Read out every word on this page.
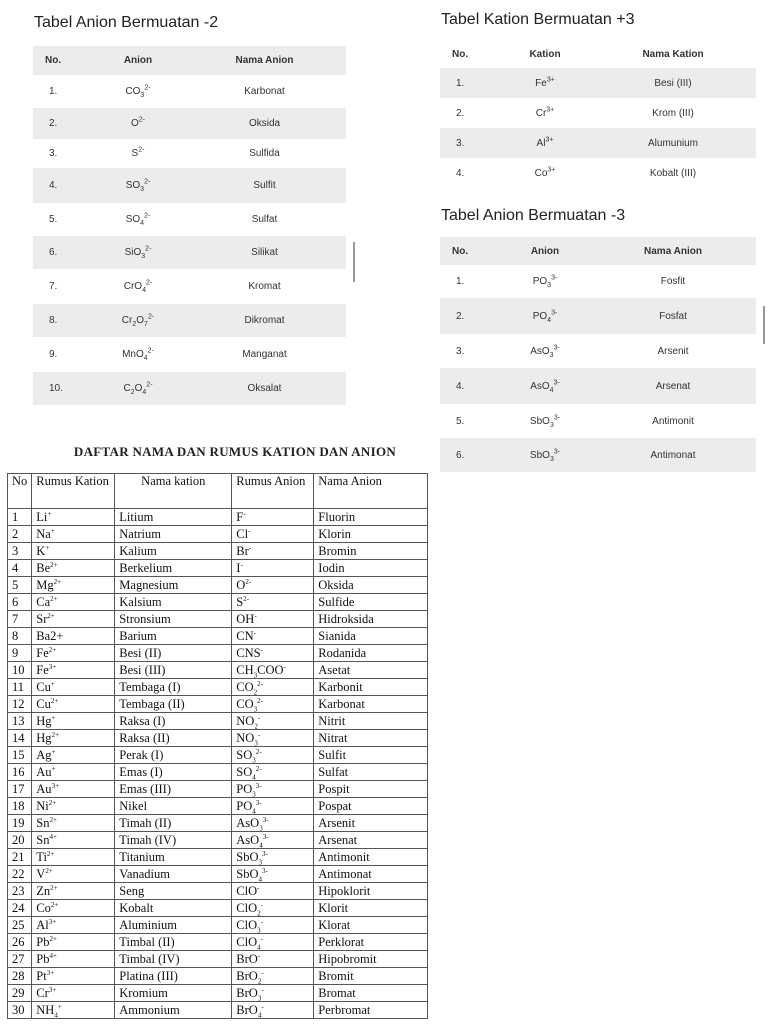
Tabel Anion Bermuatan -2
No.	Anion	Nama Anion
1.	$CO_3^{2-}$	Karbonat
2.	$O^{2-}$	Oksida
3.	$S^{2-}$	Sulfida
4.	$SO_3^{2-}$	Sulfit
5.	$SO_4^{2-}$	Sulfat
6.	SiO$_3^{2-}$	Silikat
7.	CrO$_4^{2-}$	Kromat
8.	$Cr_2O_7^{2-}$	Dikromat
9.	MnO$_4^{2-}$	Manganat
10.	$C_2O_4^{2-}$	Oksalat
Tabel Kation Bermuatan +3
No.	Kation	Nama Kation
1.	$Fe^{3+}$	Besi (III)
2.	$Cr^{3+}$	Krom (III)
3.	$Al^{3+}$	Alumunium
4.	$Co^{3+}$	Kobalt (III)
Tabel Anion Bermuatan -3
No.	Anion	Nama Anion
1.	$PO_3^{3-}$	Fosfit
2.	$PO_4^{3-}$	Fosfat
3.	AsO$_3^{3-}$	Arsenit
4.	AsO$_4^{3-}$	Arsenat
5.	SbO$_3^{3-}$	Antimonit
6.	SbO$_3^{3-}$	Antimonat
DAFTAR NAMA DAN RUMUS KATION DAN ANION
No	Rumus Kation	Nama kation	Rumus Anion	Nama Anion
1	Li+	Litium	F-	Fluorin
2	Na+	Natrium	Cl-	Klorin
3	K+	Kalium	Br-	Bromin
4	$Be^{2+}$	Berkelium	I-	Iodin
5	$Mg^{2+}$	Magnesium	$O^{2-}$	Oksida
6	$Ca^{2+}$	Kalsium	$S^{2-}$	Sulfide
7	$Sr^{2+}$	Stronsium	OH-	Hidroksida
8	Ba2+	Barium	CN-	Sianida
9	$Fe^{2+}$	Besi (II)	CNS-	Rodanida
10	$Fe^{3+}$	Besi (III)	$CH_3COO^-$	Asetat
11	Cu+	Tembaga (I)	$CO_2^{2-}$	Karbonit
12	$Cu^{2+}$	Tembaga (II)	$CO_3^{2-}$	Karbonat
13	Hg+	Raksa (I)	$NO_2^-$	Nitrit
14	$Hg^{2+}$	Raksa (II)	$NO_3^-$	Nitrat
15	Ag+	Perak (I)	$SO_3^{2-}$	Sulfit
16	Au+	Emas (I)	$SO_4^{2-}$	Sulfat
17	$Au^{3+}$	Emas (III)	$PO_3^{3-}$	Pospit
18	$Ni^{2+}$	Nikel	$PO_4^{3-}$	Pospat
19	$Sn^{2+}$	Timah (II)	AsO$_3^{3-}$	Arsenit
20	$Sn^{4+}$	Timah (IV)	AsO$_4^{3-}$	Arsenat
21	$Ti^{2+}$	Titanium	SbO$_3^{3-}$	Antimonit
22	$V^{2+}$	Vanadium	SbO$_4^{3-}$	Antimonat
23	$Zn^{2+}$	Seng	ClO-	Hipoklorit
24	$Co^{2+}$	Kobalt	ClO$_2$-	Klorit
25	$Al^{3+}$	Aluminium	ClO$_3$-	Klorat
26	$Pb^{2+}$	Timbal (II)	ClO$_4$-	Perklorat
27	$Pb^{4+}$	Timbal (IV)	BrO-	Hipobromit
28	$Pt^{3+}$	Platina (III)	BrO$_2$-	Bromit
29	$Cr^{3+}$	Kromium	BrO$_3$-	Bromat
30	$NH_4^+$	Ammonium	BrO$_4$-	Perbromat
